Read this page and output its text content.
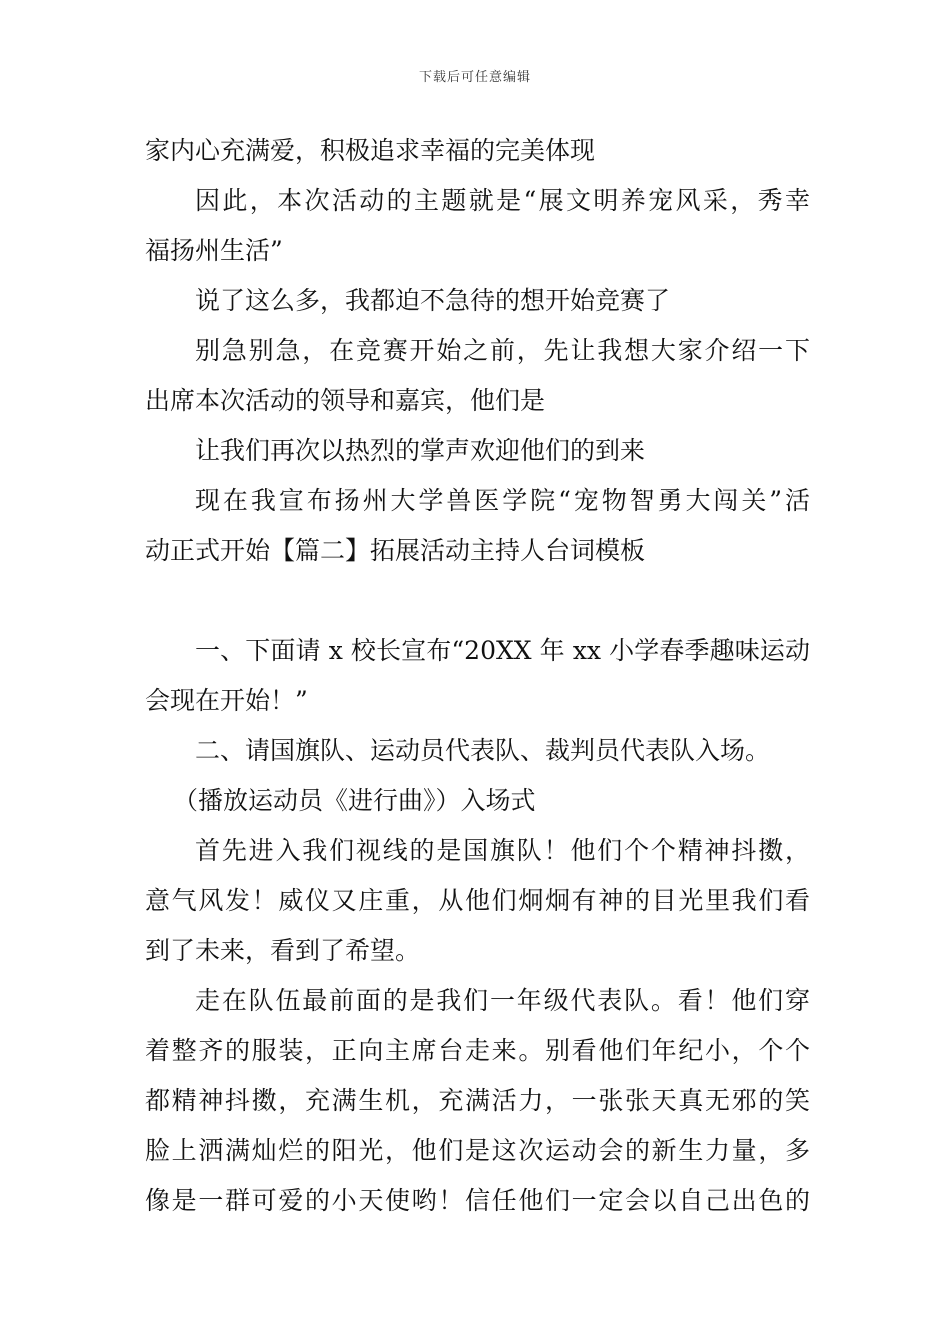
下载后可任意编辑
家内心充满爱，积极追求幸福的完美体现
因此，本次活动的主题就是“展文明养宠风采，秀幸
福扬州生活”
说了这么多，我都迫不急待的想开始竞赛了
别急别急，在竞赛开始之前，先让我想大家介绍一下
出席本次活动的领导和嘉宾，他们是
让我们再次以热烈的掌声欢迎他们的到来
现在我宣布扬州大学兽医学院“宠物智勇大闯关”活
动正式开始【篇二】拓展活动主持人台词模板
一、下面请 x 校长宣布“20XX 年 xx 小学春季趣味运动
会现在开始！”
二、请国旗队、运动员代表队、裁判员代表队入场。
（播放运动员《进行曲》）入场式
首先进入我们视线的是国旗队！他们个个精神抖擞，
意气风发！威仪又庄重，从他们炯炯有神的目光里我们看
到了未来，看到了希望。
走在队伍最前面的是我们一年级代表队。看！他们穿
着整齐的服装，正向主席台走来。别看他们年纪小，个个
都精神抖擞，充满生机，充满活力，一张张天真无邪的笑
脸上洒满灿烂的阳光，他们是这次运动会的新生力量，多
像是一群可爱的小天使哟！信任他们一定会以自己出色的
